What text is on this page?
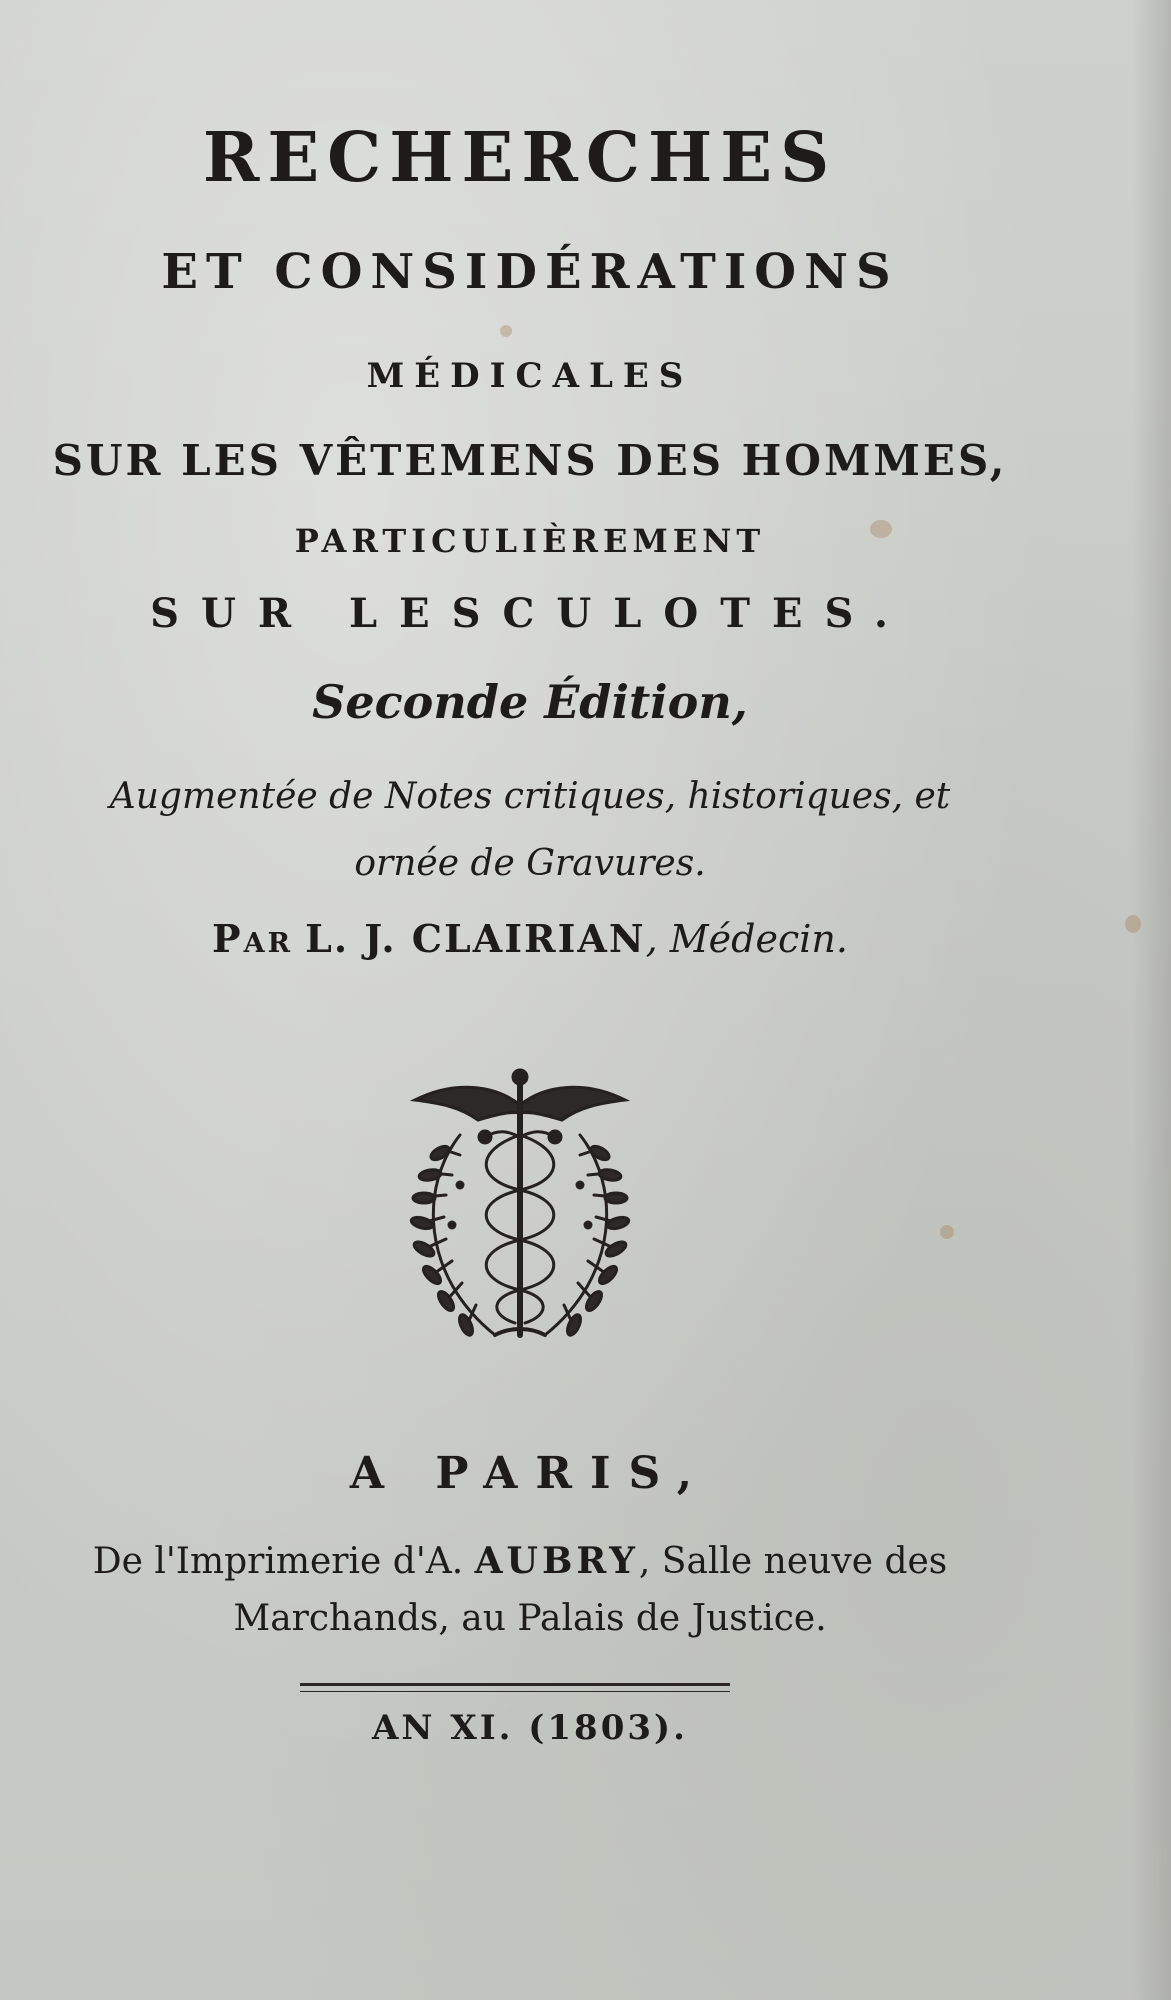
RECHERCHES
ET CONSIDÉRATIONS
MÉDICALES
SUR LES VÊTEMENS DES HOMMES,
PARTICULIÈREMENT
SUR LESCULOTES.
Seconde Édition,
Augmentée de Notes critiques, historiques, et
ornée de Gravures.
Par L. J. CLAIRIAN, Médecin.
A PARIS,
De l'Imprimerie d'A. AUBRY, Salle neuve des
Marchands, au Palais de Justice.
AN XI. (1803).
